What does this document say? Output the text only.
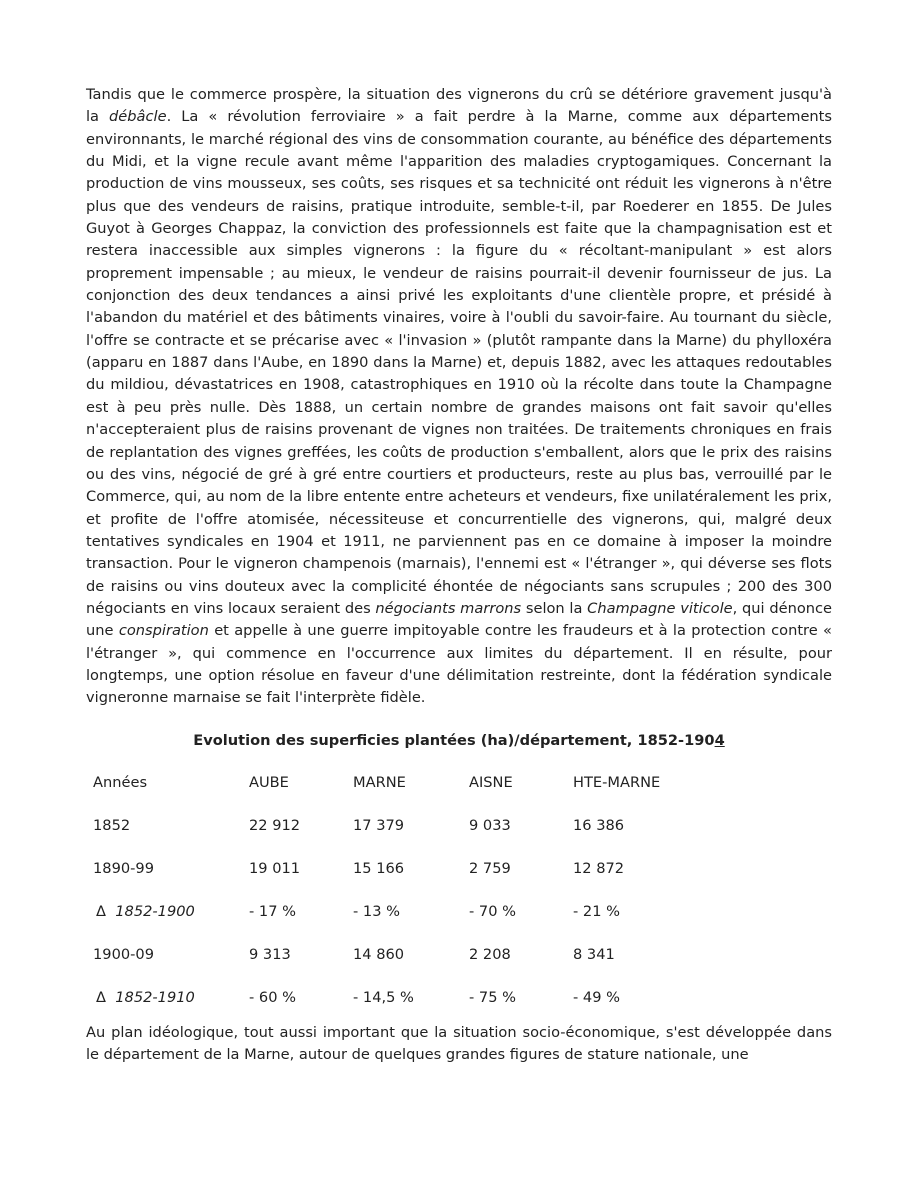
Tandis que le commerce prospère, la situation des vignerons du crû se détériore gravement jusqu'à la débâcle. La « révolution ferroviaire » a fait perdre à la Marne, comme aux départements environnants, le marché régional des vins de consommation courante, au bénéfice des départements du Midi, et la vigne recule avant même l'apparition des maladies cryptogamiques. Concernant la production de vins mousseux, ses coûts, ses risques et sa technicité ont réduit les vignerons à n'être plus que des vendeurs de raisins, pratique introduite, semble-t-il, par Roederer en 1855. De Jules Guyot à Georges Chappaz, la conviction des professionnels est faite que la champagnisation est et restera inaccessible aux simples vignerons : la figure du « récoltant-manipulant » est alors proprement impensable ; au mieux, le vendeur de raisins pourrait-il devenir fournisseur de jus. La conjonction des deux tendances a ainsi privé les exploitants d'une clientèle propre, et présidé à l'abandon du matériel et des bâtiments vinaires, voire à l'oubli du savoir-faire. Au tournant du siècle, l'offre se contracte et se précarise avec « l'invasion » (plutôt rampante dans la Marne) du phylloxéra (apparu en 1887 dans l'Aube, en 1890 dans la Marne) et, depuis 1882, avec les attaques redoutables du mildiou, dévastatrices en 1908, catastrophiques en 1910 où la récolte dans toute la Champagne est à peu près nulle. Dès 1888, un certain nombre de grandes maisons ont fait savoir qu'elles n'accepteraient plus de raisins provenant de vignes non traitées. De traitements chroniques en frais de replantation des vignes greffées, les coûts de production s'emballent, alors que le prix des raisins ou des vins, négocié de gré à gré entre courtiers et producteurs, reste au plus bas, verrouillé par le Commerce, qui, au nom de la libre entente entre acheteurs et vendeurs, fixe unilatéralement les prix, et profite de l'offre atomisée, nécessiteuse et concurrentielle des vignerons, qui, malgré deux tentatives syndicales en 1904 et 1911, ne parviennent pas en ce domaine à imposer la moindre transaction. Pour le vigneron champenois (marnais), l'ennemi est « l'étranger », qui déverse ses flots de raisins ou vins douteux avec la complicité éhontée de négociants sans scrupules ; 200 des 300 négociants en vins locaux seraient des négociants marrons selon la Champagne viticole, qui dénonce une conspiration et appelle à une guerre impitoyable contre les fraudeurs et à la protection contre « l'étranger », qui commence en l'occurrence aux limites du département. Il en résulte, pour longtemps, une option résolue en faveur d'une délimitation restreinte, dont la fédération syndicale vigneronne marnaise se fait l'interprète fidèle.

Evolution des superficies plantées (ha)/département, 1852-1904
Années	AUBE	MARNE	AISNE	HTE-MARNE
1852	22 912	17 379	9 033	16 386
1890-99	19 011	15 166	2 759	12 872
Δ 1852-1900	- 17 %	- 13 %	- 70 %	- 21 %
1900-09	9 313	14 860	2 208	8 341
Δ 1852-1910	- 60 %	- 14,5 %	- 75 %	- 49 %

Au plan idéologique, tout aussi important que la situation socio-économique, s'est développée dans le département de la Marne, autour de quelques grandes figures de stature nationale, une
